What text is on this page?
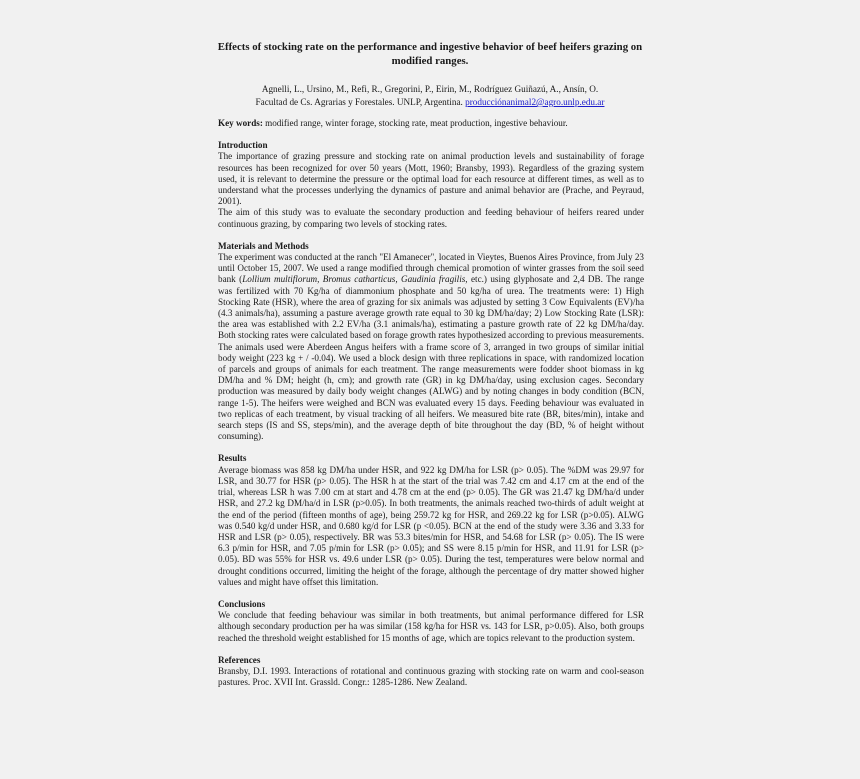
Effects of stocking rate on the performance and ingestive behavior of beef heifers grazing on modified ranges.
Agnelli, L., Ursino, M., Refi, R., Gregorini, P., Eirin, M., Rodríguez Guiñazú, A., Ansín, O.
Facultad de Cs. Agrarias y Forestales. UNLP, Argentina. producciónanimal2@agro.unlp.edu.ar

Key words: modified range, winter forage, stocking rate, meat production, ingestive behaviour.

Introduction

The importance of grazing pressure and stocking rate on animal production levels and sustainability of forage resources has been recognized for over 50 years (Mott, 1960; Bransby, 1993). Regardless of the grazing system used, it is relevant to determine the pressure or the optimal load for each resource at different times, as well as to understand what the processes underlying the dynamics of pasture and animal behavior are (Prache, and Peyraud, 2001).

The aim of this study was to evaluate the secondary production and feeding behaviour of heifers reared under continuous grazing, by comparing two levels of stocking rates.

Materials and Methods

The experiment was conducted at the ranch "El Amanecer", located in Vieytes, Buenos Aires Province, from July 23 until October 15, 2007. We used a range modified through chemical promotion of winter grasses from the soil seed bank (Lollium multiflorum, Bromus catharticus, Gaudinia fragilis, etc.) using glyphosate and 2,4 DB. The range was fertilized with 70 Kg/ha of diammonium phosphate and 50 kg/ha of urea. The treatments were: 1) High Stocking Rate (HSR), where the area of grazing for six animals was adjusted by setting 3 Cow Equivalents (EV)/ha (4.3 animals/ha), assuming a pasture average growth rate equal to 30 kg DM/ha/day; 2) Low Stocking Rate (LSR): the area was established with 2.2 EV/ha (3.1 animals/ha), estimating a pasture growth rate of 22 kg DM/ha/day. Both stocking rates were calculated based on forage growth rates hypothesized according to previous measurements. The animals used were Aberdeen Angus heifers with a frame score of 3, arranged in two groups of similar initial body weight (223 kg + / -0.04). We used a block design with three replications in space, with randomized location of parcels and groups of animals for each treatment. The range measurements were fodder shoot biomass in kg DM/ha and % DM; height (h, cm); and growth rate (GR) in kg DM/ha/day, using exclusion cages. Secondary production was measured by daily body weight changes (ALWG) and by noting changes in body condition (BCN, range 1-5). The heifers were weighed and BCN was evaluated every 15 days. Feeding behaviour was evaluated in two replicas of each treatment, by visual tracking of all heifers. We measured bite rate (BR, bites/min), intake and search steps (IS and SS, steps/min), and the average depth of bite throughout the day (BD, % of height without consuming).

Results

Average biomass was 858 kg DM/ha under HSR, and 922 kg DM/ha for LSR (p> 0.05). The %DM was 29.97 for LSR, and 30.77 for HSR (p> 0.05). The HSR h at the start of the trial was 7.42 cm and 4.17 cm at the end of the trial, whereas LSR h was 7.00 cm at start and 4.78 cm at the end (p> 0.05). The GR was 21.47 kg DM/ha/d under HSR, and 27.2 kg DM/ha/d in LSR (p>0.05). In both treatments, the animals reached two-thirds of adult weight at the end of the period (fifteen months of age), being 259.72 kg for HSR, and 269.22 kg for LSR (p>0.05). ALWG was 0.540 kg/d under HSR, and 0.680 kg/d for LSR (p <0.05). BCN at the end of the study were 3.36 and 3.33 for HSR and LSR (p> 0.05), respectively. BR was 53.3 bites/min for HSR, and 54.68 for LSR (p> 0.05). The IS were 6.3 p/min for HSR, and 7.05 p/min for LSR (p> 0.05); and SS were 8.15 p/min for HSR, and 11.91 for LSR (p> 0.05). BD was 55% for HSR vs. 49.6 under LSR (p> 0.05). During the test, temperatures were below normal and drought conditions occurred, limiting the height of the forage, although the percentage of dry matter showed higher values and might have offset this limitation.

Conclusions

We conclude that feeding behaviour was similar in both treatments, but animal performance differed for LSR although secondary production per ha was similar (158 kg/ha for HSR vs. 143 for LSR, p>0.05). Also, both groups reached the threshold weight established for 15 months of age, which are topics relevant to the production system.

References

Bransby, D.I. 1993. Interactions of rotational and continuous grazing with stocking rate on warm and cool-season pastures. Proc. XVII Int. Grassld. Congr.: 1285-1286. New Zealand.
